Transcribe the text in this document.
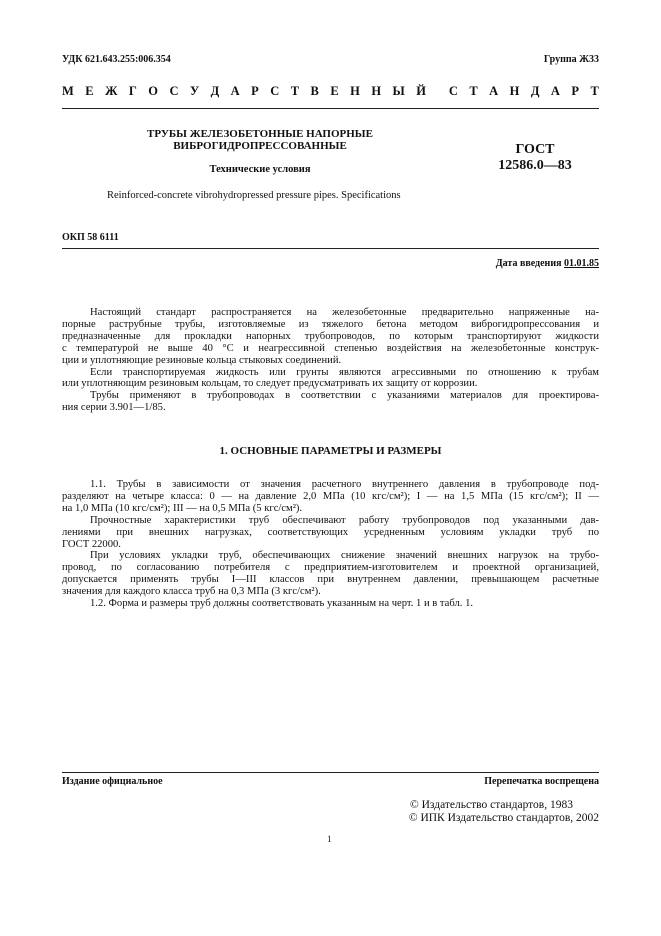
УДК 621.643.255:006.354	Группа Ж33
М Е Ж Г О С У Д А Р С Т В Е Н Н Ы Й С Т А Н Д А Р Т
ТРУБЫ ЖЕЛЕЗОБЕТОННЫЕ НАПОРНЫЕ
ВИБРОГИДРОПРЕССОВАННЫЕ
Технические условия
Reinforced-concrete vibrohydropressed pressure pipes. Specifications
ГОСТ
12586.0—83
ОКП 58 6111
Дата введения 01.01.85
Настоящий стандарт распространяется на железобетонные предварительно напряженные на-
порные раструбные трубы, изготовляемые из тяжелого бетона методом виброгидропрессования и
предназначенные для прокладки напорных трубопроводов, по которым транспортируют жидкости
с температурой не выше 40 °С и неагрессивной степенью воздействия на железобетонные конструк-
ции и уплотняющие резиновые кольца стыковых соединений.
Если транспортируемая жидкость или грунты являются агрессивными по отношению к трубам
или уплотняющим резиновым кольцам, то следует предусматривать их защиту от коррозии.
Трубы применяют в трубопроводах в соответствии с указаниями материалов для проектирова-
ния серии 3.901—1/85.
1. ОСНОВНЫЕ ПАРАМЕТРЫ И РАЗМЕРЫ
1.1. Трубы в зависимости от значения расчетного внутреннего давления в трубопроводе под-
разделяют на четыре класса: 0 — на давление 2,0 МПа (10 кгс/см²); I — на 1,5 МПа (15 кгс/см²); II —
на 1,0 МПа (10 кгс/см²); III — на 0,5 МПа (5 кгс/см²).
Прочностные характеристики труб обеспечивают работу трубопроводов под указанными дав-
лениями при внешних нагрузках, соответствующих усредненным условиям укладки труб по
ГОСТ 22000.
При условиях укладки труб, обеспечивающих снижение значений внешних нагрузок на трубо-
провод, по согласованию потребителя с предприятием-изготовителем и проектной организацией,
допускается применять трубы I—III классов при внутреннем давлении, превышающем расчетные
значения для каждого класса труб на 0,3 МПа (3 кгс/см²).
1.2. Форма и размеры труб должны соответствовать указанным на черт. 1 и в табл. 1.
Издание официальное	Перепечатка воспрещена
© Издательство стандартов, 1983
© ИПК Издательство стандартов, 2002
1
